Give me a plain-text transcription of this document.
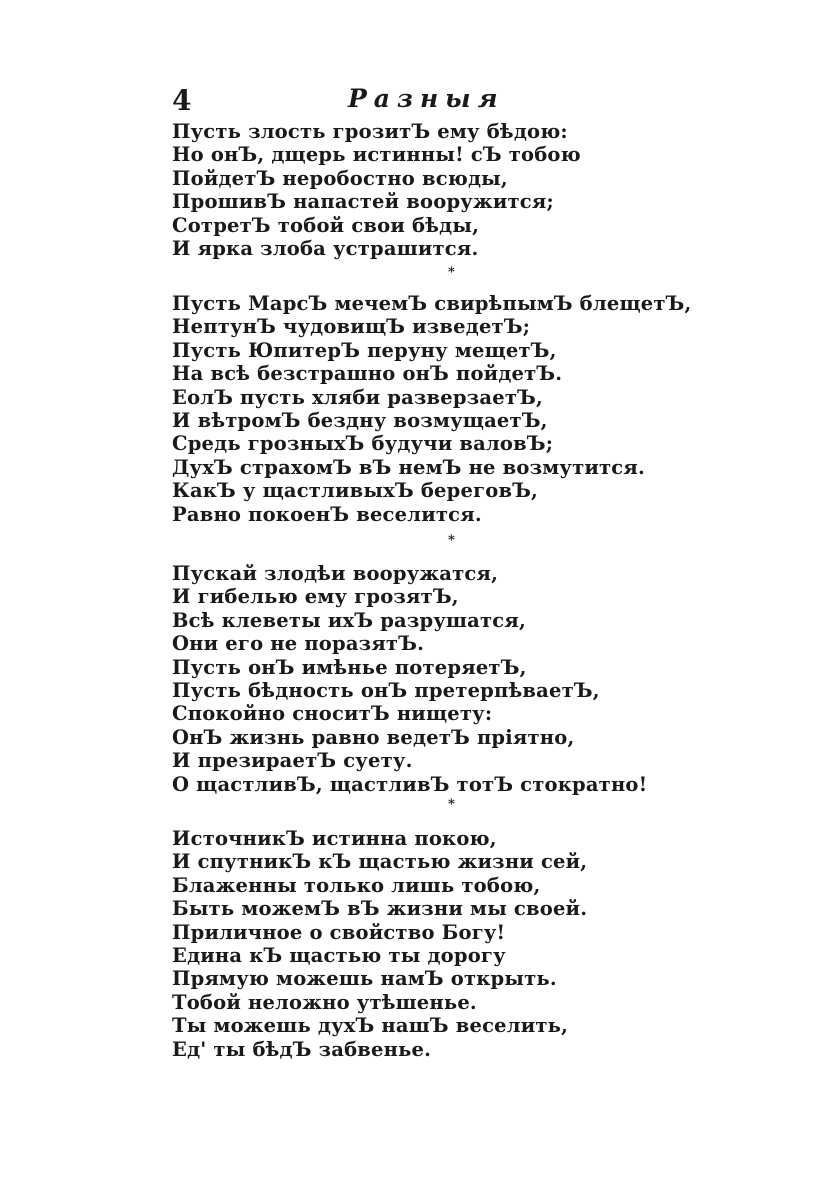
4	Разныя
Пусть злость грозитЪ ему бѣдою:
Но онЪ, дщерь истинны! сЪ тобою
ПойдетЪ неробостно всюды,
ПрошивЪ напастей вооружится;
СотретЪ тобой свои бѣды,
И ярка злоба устрашится.
*
Пусть МарсЪ мечемЪ свирѣпымЪ блещетЪ,
НептунЪ чудовищЪ изведетЪ;
Пусть ЮпитерЪ перуну мещетЪ,
На всѣ безстрашно онЪ пойдетЪ.
ЕолЪ пусть хляби разверзаетЪ,
И вѣтромЪ бездну возмущаетЪ,
Средь грозныхЪ будучи валовЪ;
ДухЪ страхомЪ вЪ немЪ не возмутится.
КакЪ у щастливыхЪ береговЪ,
Равно покоенЪ веселится.
*
Пускай злодѣи вооружатся,
И гибелью ему грозятЪ,
Всѣ клеветы ихЪ разрушатся,
Они его не поразятЪ.
Пусть онЪ имѣнье потеряетЪ,
Пусть бѣдность онЪ претерпѣваетЪ,
Спокойно сноситЪ нищету:
ОнЪ жизнь равно ведетЪ пріятно,
И презираетЪ суету.
О щастливЪ, щастливЪ тотЪ стократно!
*
ИсточникЪ истинна покою,
И спутникЪ кЪ щастью жизни сей,
Блаженны только лишь тобою,
Быть можемЪ вЪ жизни мы своей.
Приличное о свойство Богу!
Едина кЪ щастью ты дорогу
Прямую можешь намЪ открыть.
Тобой неложно утѣшенье.
Ты можешь духЪ нашЪ веселить,
Ед' ты бѣдЪ забвенье.
